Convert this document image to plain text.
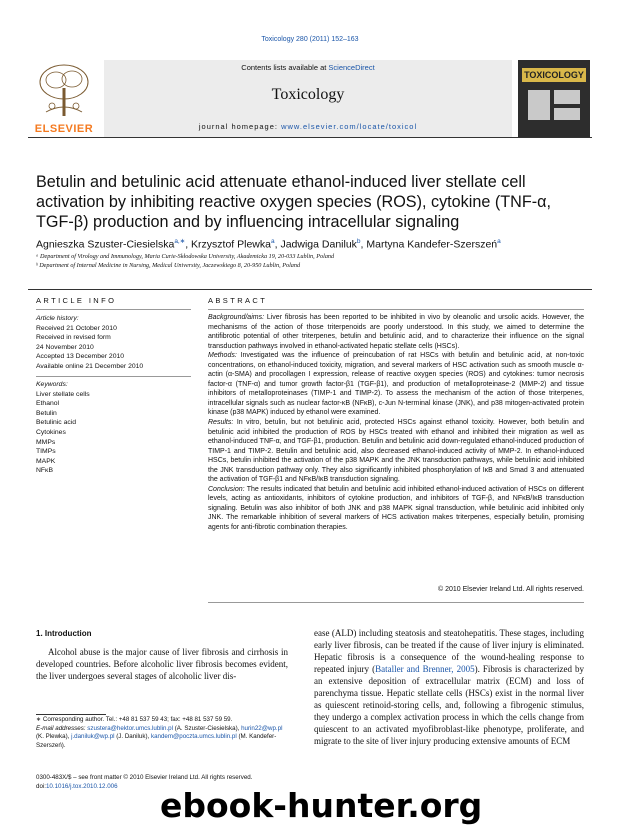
Toxicology 280 (2011) 152–163
ELSEVIER
Contents lists available at ScienceDirect
Toxicology
journal homepage: www.elsevier.com/locate/toxicol
TOXICOLOGY
Betulin and betulinic acid attenuate ethanol-induced liver stellate cell activation by inhibiting reactive oxygen species (ROS), cytokine (TNF-α, TGF-β) production and by influencing intracellular signaling
Agnieszka Szuster-Ciesielska$^{a,∗}$, Krzysztof Plewka$^a$, Jadwiga Daniluk$^b$, Martyna Kandefer-Szerszeń$^a$
ᵃ Department of Virology and Immunology, Maria Curie-Skłodowska University, Akademicka 19, 20-033 Lublin, Poland
ᵇ Department of Internal Medicine in Nursing, Medical University, Jaczewskiego 8, 20-950 Lublin, Poland
ARTICLE INFO
Article history:
Received 21 October 2010
Received in revised form
24 November 2010
Accepted 13 December 2010
Available online 21 December 2010
Keywords:
Liver stellate cells
Ethanol
Betulin
Betulinic acid
Cytokines
MMPs
TIMPs
MAPK
NFκB
ABSTRACT

Background/aims: Liver fibrosis has been reported to be inhibited in vivo by oleanolic and ursolic acids. However, the mechanisms of the action of those triterpenoids are poorly understood. In this study, we aimed to determine the antifibrotic potential of other triterpenes, betulin and betulinic acid, and to characterize their influence on the signal transduction pathways involved in ethanol-activated hepatic stellate cells (HSCs).

Methods: Investigated was the influence of preincubation of rat HSCs with betulin and betulinic acid, at non-toxic concentrations, on ethanol-induced toxicity, migration, and several markers of HSC activation such as smooth muscle α-actin (α-SMA) and procollagen I expression, release of reactive oxygen species (ROS) and cytokines: tumor necrosis factor-α (TNF-α) and tumor growth factor-β1 (TGF-β1), and production of metalloproteinase-2 (MMP-2) and tissue inhibitors of metalloproteinases (TIMP-1 and TIMP-2). To assess the mechanism of the action of those triterpenes, intracellular signals such as nuclear factor-κB (NFκB), c-Jun N-terminal kinase (JNK), and p38 mitogen-activated protein kinase (p38 MAPK) induced by ethanol were examined.

Results: In vitro, betulin, but not betulinic acid, protected HSCs against ethanol toxicity. However, both betulin and betulinic acid inhibited the production of ROS by HSCs treated with ethanol and inhibited their migration as well as ethanol-induced TNF-α, and TGF-β1, production. Betulin and betulinic acid down-regulated ethanol-induced production of TIMP-1 and TIMP-2. Betulin and betulinic acid, also decreased ethanol-induced activity of MMP-2. In ethanol-induced HSCs, betulin inhibited the activation of the p38 MAPK and the JNK transduction pathways, while betulinic acid inhibited the JNK transduction pathway only. They also significantly inhibited phosphorylation of IκB and Smad 3 and attenuated the activation of TGF-β1 and NFκB/IκB transduction signaling.

Conclusion: The results indicated that betulin and betulinic acid inhibited ethanol-induced activation of HSCs on different levels, acting as antioxidants, inhibitors of cytokine production, and inhibitors of TGF-β, and NFκB/IκB transduction signaling. Betulin was also inhibitor of both JNK and p38 MAPK signal transduction, while betulinic acid inhibited only JNK. The remarkable inhibition of several markers of HCS activation makes triterpenes, especially betulin, promising agents for anti-fibrotic combination therapies.

© 2010 Elsevier Ireland Ltd. All rights reserved.
1. Introduction
Alcohol abuse is the major cause of liver fibrosis and cirrhosis in developed countries. Before alcoholic liver fibrosis becomes evident, the liver undergoes several stages of alcoholic liver dis-
ease (ALD) including steatosis and steatohepatitis. These stages, including early liver fibrosis, can be treated if the cause of liver injury is eliminated. Hepatic fibrosis is a consequence of the wound-healing response to repeated injury (Bataller and Brenner, 2005). Fibrosis is characterized by an extensive deposition of extracellular matrix (ECM) and loss of parenchyma tissue. Hepatic stellate cells (HSCs) exist in the normal liver as quiescent retinoid-storing cells, and, following a fibrogenic stimulus, they undergo a complex activation process in which the cells change from quiescent to an activated myofibroblast-like phenotype, proliferate, and migrate to the site of liver injury producing extensive amounts of ECM
∗ Corresponding author. Tel.: +48 81 537 59 43; fax: +48 81 537 59 59.
E-mail addresses: szustera@hektor.umcs.lublin.pl (A. Szuster-Ciesielska), hurin22@wp.pl (K. Plewka), j.daniluk@wp.pl (J. Daniluk), kandem@poczta.umcs.lublin.pl (M. Kandefer-Szerszeń).
0300-483X/$ – see front matter © 2010 Elsevier Ireland Ltd. All rights reserved.
doi:10.1016/j.tox.2010.12.006	ebook-hunter.org
